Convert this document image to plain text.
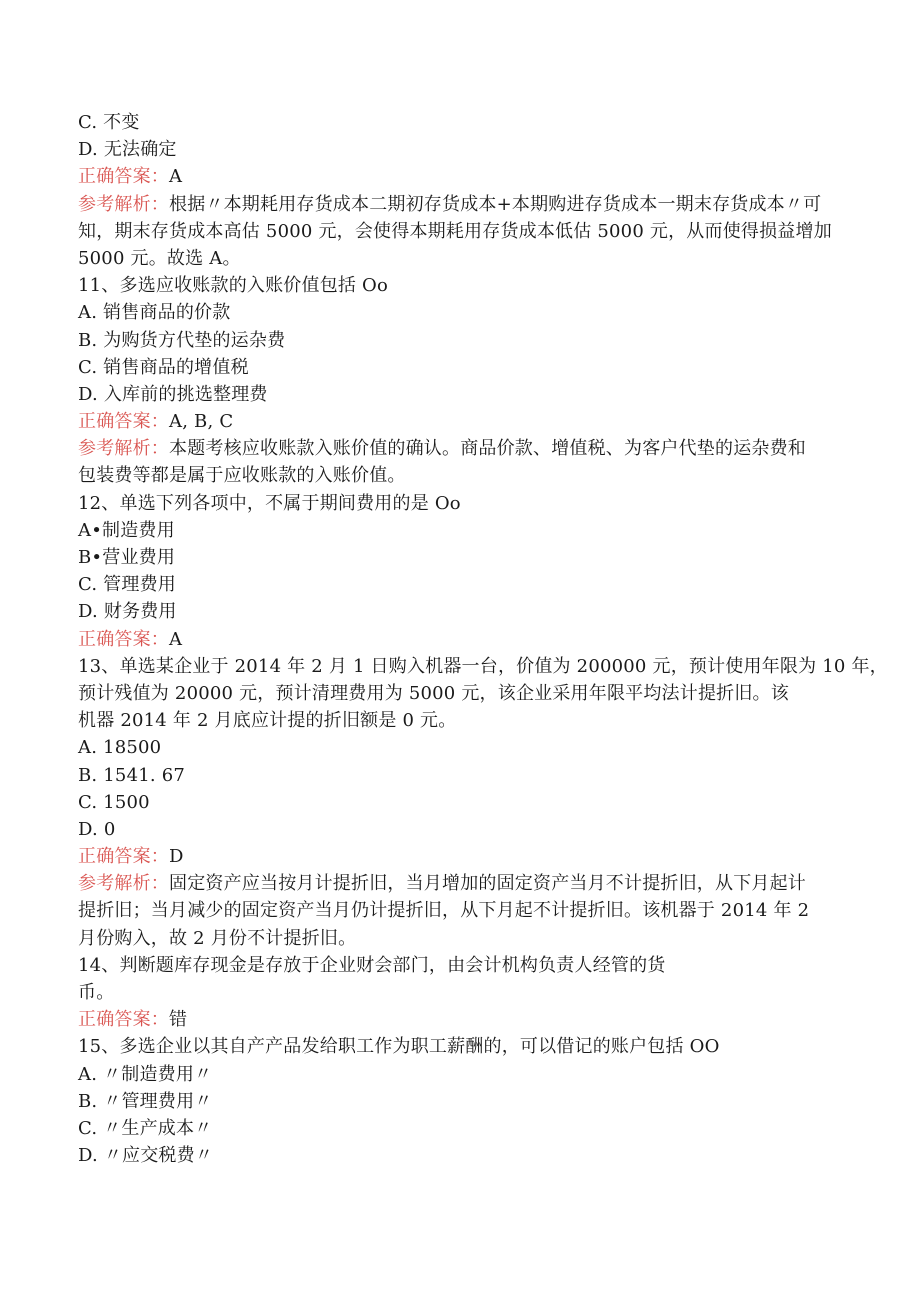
C. 不变
D. 无法确定
正确答案：A
参考解析：根据〃本期耗用存货成本二期初存货成本+本期购进存货成本一期末存货成本〃可
知，期末存货成本高估 5000 元，会使得本期耗用存货成本低估 5000 元，从而使得损益增加
5000 元。故选 A。
11、多选应收账款的入账价值包括 Oo
A. 销售商品的价款
B. 为购货方代垫的运杂费
C. 销售商品的增值税
D. 入库前的挑选整理费
正确答案：A, B, C
参考解析：本题考核应收账款入账价值的确认。商品价款、增值税、为客户代垫的运杂费和
包装费等都是属于应收账款的入账价值。
12、单选下列各项中，不属于期间费用的是 Oo
A•制造费用
B•营业费用
C. 管理费用
D. 财务费用
正确答案：A
13、单选某企业于 2014 年 2 月 1 日购入机器一台，价值为 200000 元，预计使用年限为 10 年，
预计残值为 20000 元，预计清理费用为 5000 元，该企业采用年限平均法计提折旧。该
机器 2014 年 2 月底应计提的折旧额是 0 元。
A. 18500
B. 1541. 67
C. 1500
D. 0
正确答案：D
参考解析：固定资产应当按月计提折旧，当月增加的固定资产当月不计提折旧，从下月起计
提折旧；当月减少的固定资产当月仍计提折旧，从下月起不计提折旧。该机器于 2014 年 2
月份购入，故 2 月份不计提折旧。
14、判断题库存现金是存放于企业财会部门，由会计机构负责人经管的货
币。
正确答案：错
15、多选企业以其自产产品发给职工作为职工薪酬的，可以借记的账户包括 OO
A. 〃制造费用〃
B. 〃管理费用〃
C. 〃生产成本〃
D. 〃应交税费〃
